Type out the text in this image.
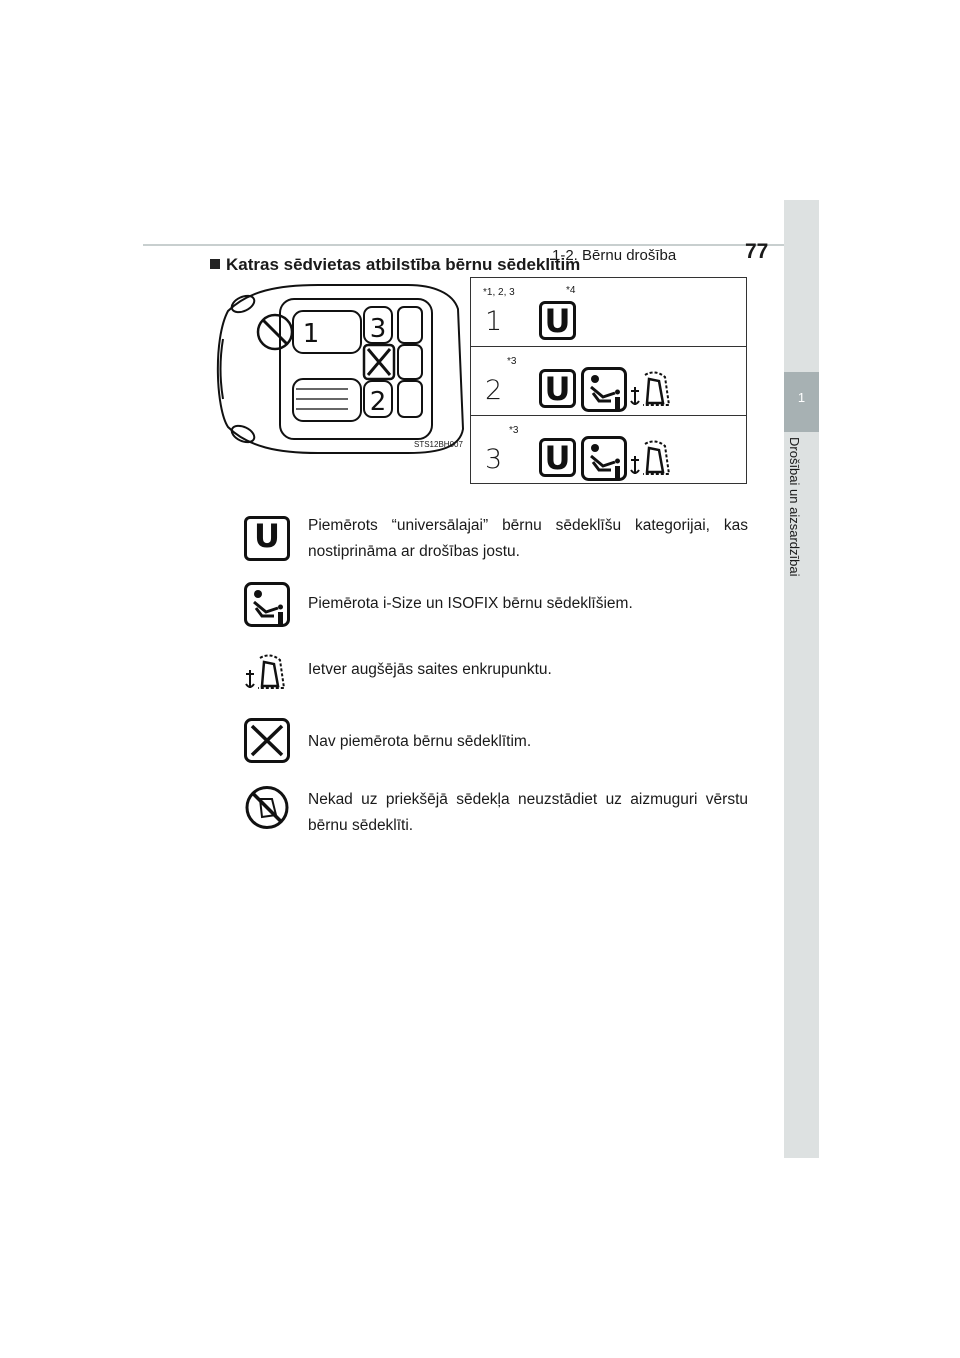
1-2. Bērnu drošība	77
1
Drošībai un aizsardzībai
Katras sēdvietas atbilstība bērnu sēdeklītim
1 3
2
STS12BH007
*1, 2, 3	*4
1
U
*3
2
U
*3
3
U
U
Piemērots “universālajai” bērnu sēdeklīšu kategorijai, kas nostiprināma ar drošības jostu.
Piemērota i-Size un ISOFIX bērnu sēdeklīšiem.
Ietver augšējās saites enkrupunktu.
Nav piemērota bērnu sēdeklītim.
Nekad uz priekšējā sēdekļa neuzstādiet uz aizmuguri vērstu bērnu sēdeklīti.
